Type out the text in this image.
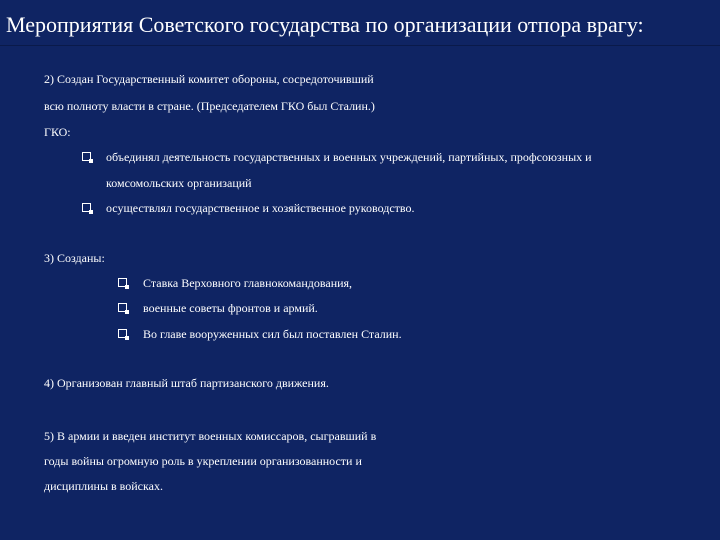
Мероприятия Советского государства по организации отпора врагу:
2) Создан Государственный комитет обороны, сосредоточивший
всю полноту власти в стране. (Председателем ГКО был Сталин.)
ГКО:
объединял деятельность государственных и военных учреждений, партийных, профсоюзных и
комсомольских организаций
осуществлял государственное и хозяйственное руководство.
3) Созданы:
Ставка Верховного главнокомандования,
военные советы фронтов и армий.
Во главе вооруженных сил был поставлен Сталин.
4) Организован главный штаб партизанского движения.
5) В армии и введен институт военных комиссаров, сыгравший в
годы войны огромную роль в укреплении организованности и
дисциплины в войсках.
